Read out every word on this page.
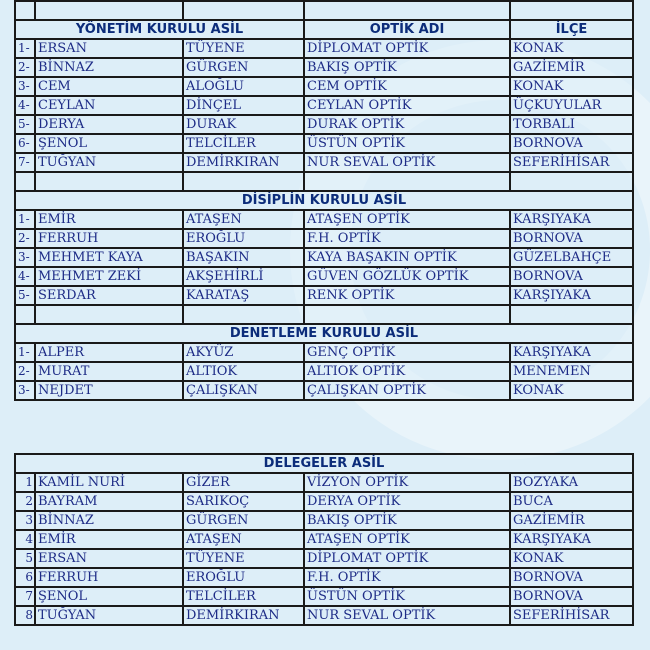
YÖNETİM KURULU ASİL			OPTİK ADI	İLÇE
1-	ERSAN	TÜYENE	DİPLOMAT OPTİK	KONAK
2-	BİNNAZ	GÜRGEN	BAKIŞ OPTİK	GAZİEMİR
3-	CEM	ALOĞLU	CEM OPTİK	KONAK
4-	CEYLAN	DİNÇEL	CEYLAN OPTİK	ÜÇKUYULAR
5-	DERYA	DURAK	DURAK OPTİK	TORBALI
6-	ŞENOL	TELCİLER	ÜSTÜN OPTİK	BORNOVA
7-	TUĞYAN	DEMİRKIRAN	NUR SEVAL OPTİK	SEFERİHİSAR

DİSİPLİN KURULU ASİL				
1-	EMİR	ATAŞEN	ATAŞEN OPTİK	KARŞIYAKA
2-	FERRUH	EROĞLU	F.H. OPTİK	BORNOVA
3-	MEHMET KAYA	BAŞAKIN	KAYA BAŞAKIN OPTİK	GÜZELBAHÇE
4-	MEHMET ZEKİ	AKŞEHİRLİ	GÜVEN GÖZLÜK OPTİK	BORNOVA
5-	SERDAR	KARATAŞ	RENK OPTİK	KARŞIYAKA

DENETLEME KURULU ASİL				
1-	ALPER	AKYÜZ	GENÇ OPTİK	KARŞIYAKA
2-	MURAT	ALTIOK	ALTIOK OPTİK	MENEMEN
3-	NEJDET	ÇALIŞKAN	ÇALIŞKAN OPTİK	KONAK
DELEGELER ASİL				
1	KAMİL NURİ	GİZER	VİZYON OPTİK	BOZYAKA
2	BAYRAM	SARIKOÇ	DERYA OPTİK	BUCA
3	BİNNAZ	GÜRGEN	BAKIŞ OPTİK	GAZİEMİR
4	EMİR	ATAŞEN	ATAŞEN OPTİK	KARŞIYAKA
5	ERSAN	TÜYENE	DİPLOMAT OPTİK	KONAK
6	FERRUH	EROĞLU	F.H. OPTİK	BORNOVA
7	ŞENOL	TELCİLER	ÜSTÜN OPTİK	BORNOVA
8	TUĞYAN	DEMİRKIRAN	NUR SEVAL OPTİK	SEFERİHİSAR
